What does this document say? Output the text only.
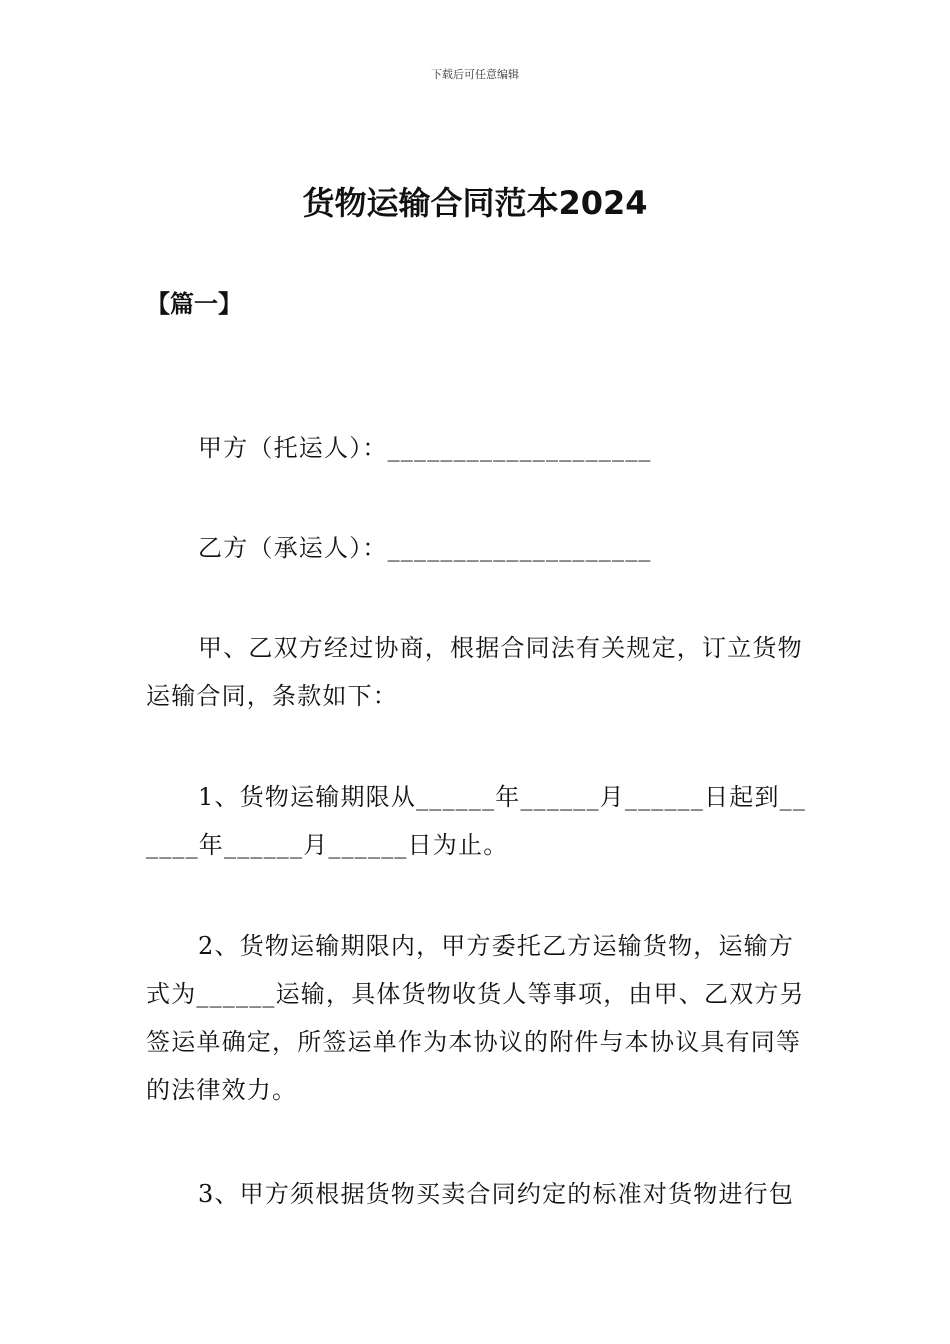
下载后可任意编辑
货物运输合同范本2024
【篇一】
甲方（托运人）：____________________
乙方（承运人）：____________________
甲、乙双方经过协商，根据合同法有关规定，订立货物运输合同，条款如下：
1、货物运输期限从______年______月______日起到______年______月______日为止。
2、货物运输期限内，甲方委托乙方运输货物，运输方式为______运输，具体货物收货人等事项，由甲、乙双方另签运单确定，所签运单作为本协议的附件与本协议具有同等的法律效力。
3、甲方须根据货物买卖合同约定的标准对货物进行包
